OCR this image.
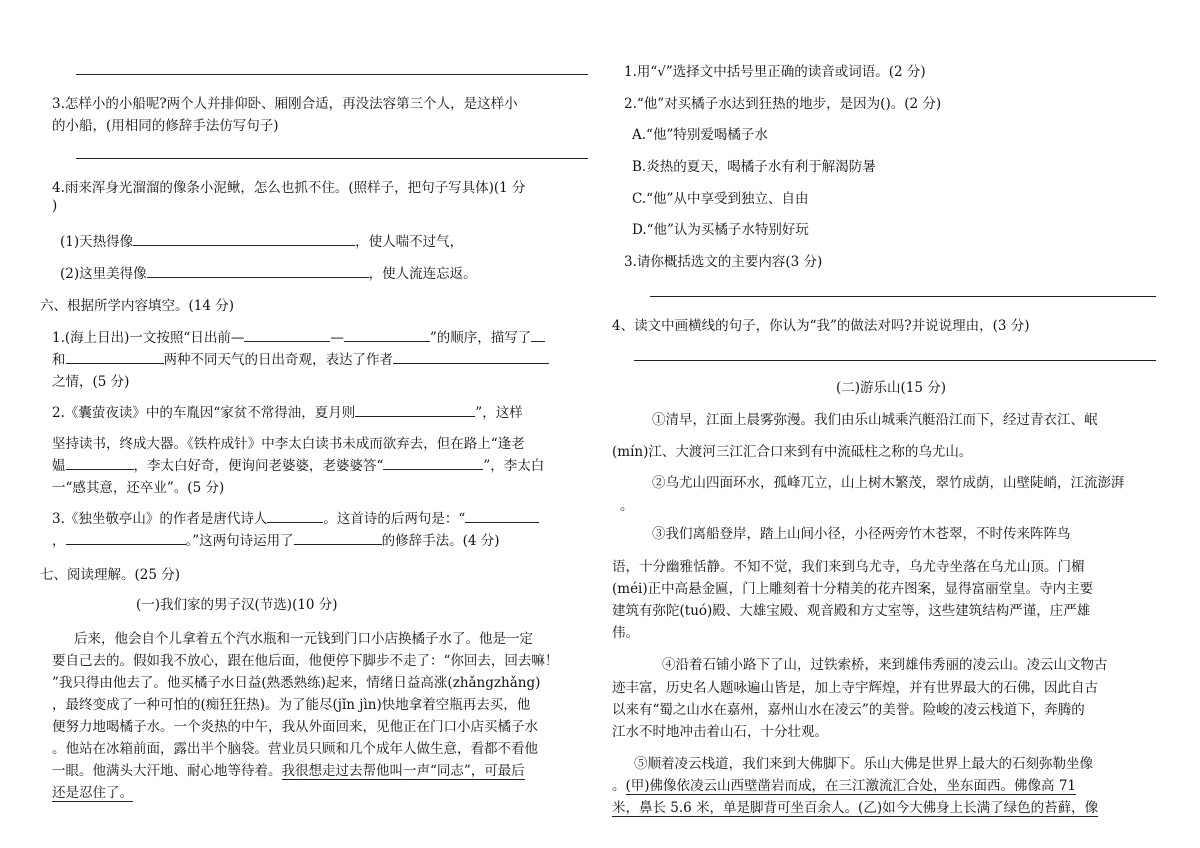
3.怎样小的小船呢?两个人并排仰卧、厢刚合适，再没法容第三个人，是这样小
的小船，(用相同的修辞手法仿写句子)
4.雨来浑身光溜溜的像条小泥鳅，怎么也抓不住。(照样子，把句子写具体)(1 分
)
(1)天热得像	，使人喘不过气，
(2)这里美得像	，使人流连忘返。
六、根据所学内容填空。(14 分)
1.(海上日出)一文按照“日出前—	—	”的顺序，描写了
和	两种不同天气的日出奇观，表达了作者
之情，(5 分)
2.《囊萤夜读》中的车胤因“家贫不常得油，夏月则	”，这样
坚持读书，终成大器。《铁杵成针》中李太白读书未成而欲弃去，但在路上“逢老
媪	，李太白好奇，便询问老婆婆，老婆婆答“	”，李太白
一“感其意，还卒业”。(5 分)
3.《独坐敬亭山》的作者是唐代诗人	。这首诗的后两句是：“
，	。”这两句诗运用了	的修辞手法。(4 分)
七、阅读理解。(25 分)
(一)我们家的男子汉(节选)(10 分)
后来，他会自个儿拿着五个汽水瓶和一元钱到门口小店换橘子水了。他是一定
要自己去的。假如我不放心，跟在他后面，他便停下脚步不走了：“你回去，回去嘛！
”我只得由他去了。他买橘子水日益(熟悉熟练)起来，情绪日益高涨(zhǎngzhǎng)
，最终变成了一种可怕的(痴狂狂热)。为了能尽(jǐn jìn)快地拿着空瓶再去买，他
便努力地喝橘子水。一个炎热的中午，我从外面回来，见他正在门口小店买橘子水
。他站在冰箱前面，露出半个脑袋。营业员只顾和几个成年人做生意，看都不看他
一眼。他满头大汗地、耐心地等待着。我很想走过去帮他叫一声“同志”，可最后
还是忍住了。
1.用“√”选择文中括号里正确的读音或词语。(2 分)
2.“他”对买橘子水达到狂热的地步，是因为()。(2 分)
A.“他”特别爱喝橘子水
B.炎热的夏天，喝橘子水有利于解渴防暑
C.“他”从中享受到独立、自由
D.“他”认为买橘子水特别好玩
3.请你概括选文的主要内容(3 分)
4、读文中画横线的句子，你认为“我”的做法对吗?并说说理由，(3 分)
(二)游乐山(15 分)
①清早，江面上晨雾弥漫。我们由乐山城乘汽艇沿江而下，经过青衣江、岷
(mín)江、大渡河三江汇合口来到有中流砥柱之称的乌尤山。
②乌尤山四面环水，孤峰兀立，山上树木繁茂，翠竹成荫，山壁陡峭，江流澎湃
。
③我们离船登岸，踏上山间小径，小径两旁竹木苍翠，不时传来阵阵鸟
语，十分幽雅恬静。不知不觉，我们来到乌尤寺，乌尤寺坐落在乌尤山顶。门楣
(méi)正中高悬金匾，门上雕刻着十分精美的花卉图案，显得富丽堂皇。寺内主要
建筑有弥陀(tuó)殿、大雄宝殿、观音殿和方丈室等，这些建筑结构严谨，庄严雄
伟。
④沿着石铺小路下了山，过铁索桥，来到雄伟秀丽的凌云山。凌云山文物古
迹丰富，历史名人题咏遍山皆是，加上寺宇辉煌，并有世界最大的石佛，因此自古
以来有“蜀之山水在嘉州，嘉州山水在凌云”的美誉。险峻的凌云栈道下，奔腾的
江水不时地冲击着山石，十分壮观。
⑤顺着凌云栈道，我们来到大佛脚下。乐山大佛是世界上最大的石刻弥勒坐像
。(甲)佛像依凌云山西壁凿岩而成，在三江激流汇合处，坐东面西。佛像高 71
米，鼻长 5.6 米，单是脚背可坐百余人。(乙)如今大佛身上长满了绿色的苔藓，像
